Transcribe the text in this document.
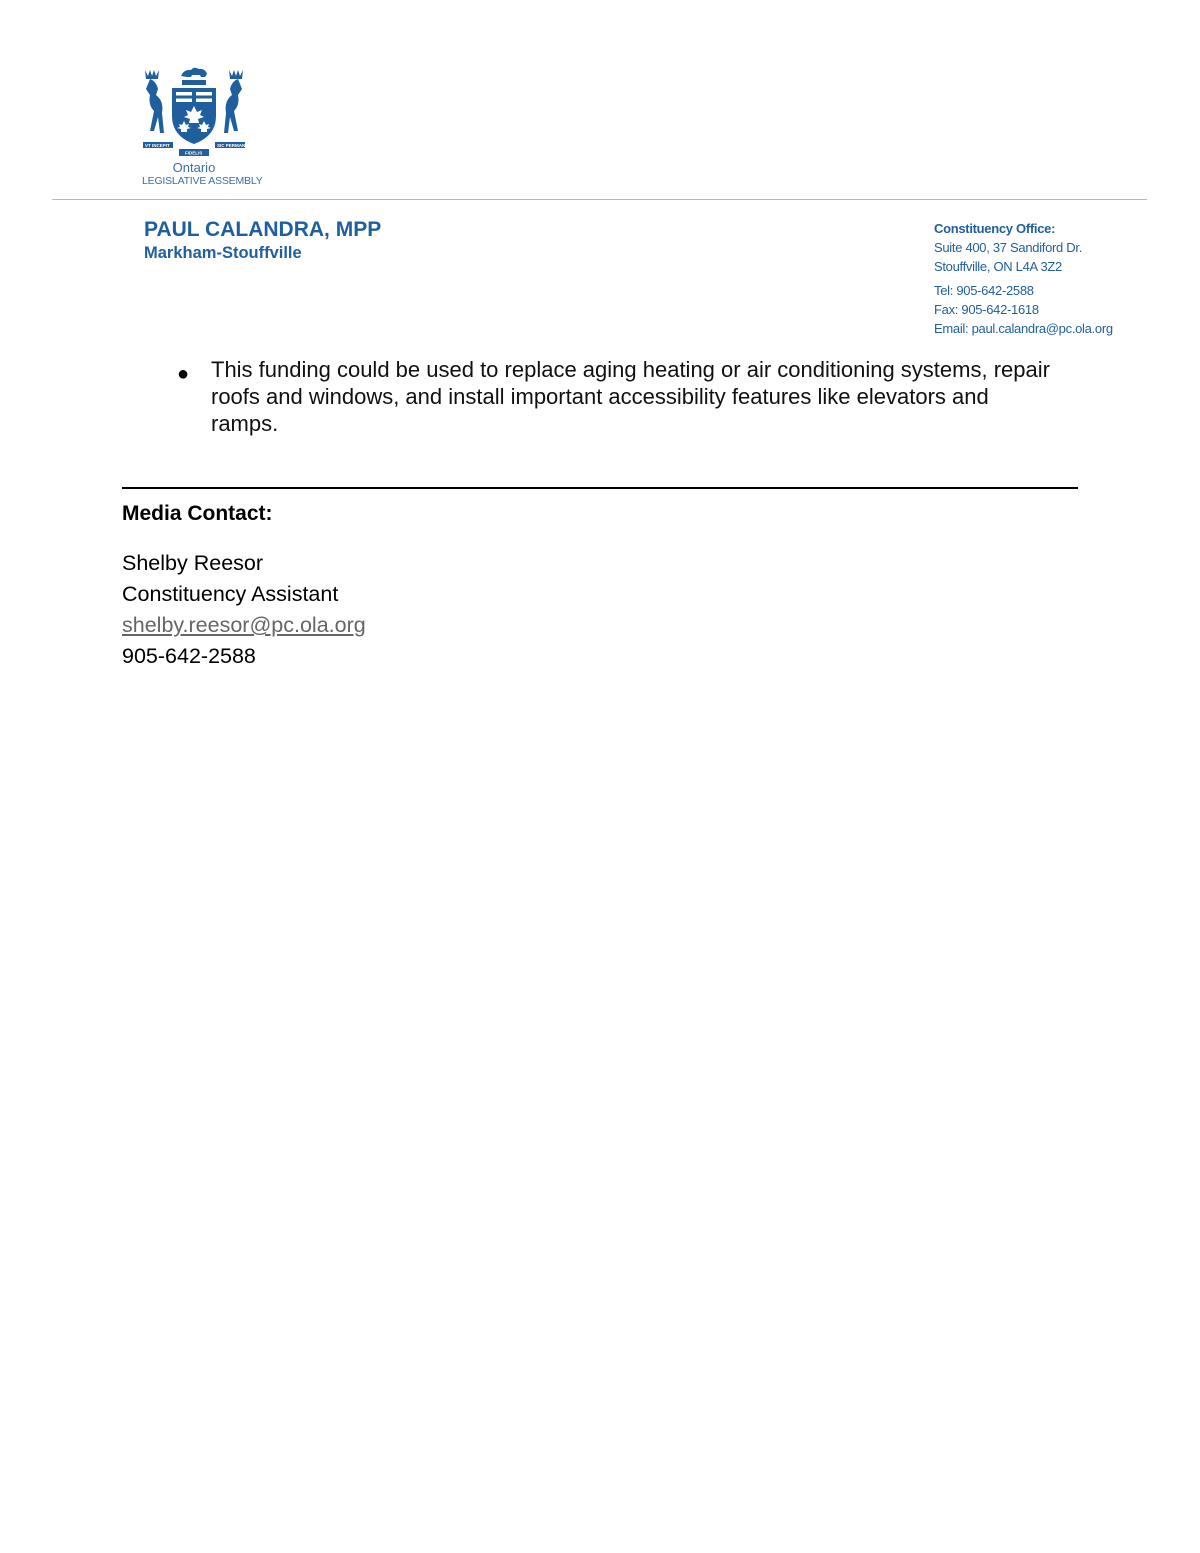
VT INCEPIT	SIC PERMANET
FIDELIS
Ontario
LEGISLATIVE ASSEMBLY
PAUL CALANDRA, MPP
Markham-Stouffville
Constituency Office:
Suite 400, 37 Sandiford Dr.
Stouffville, ON L4A 3Z2
Tel: 905-642-2588
Fax: 905-642-1618
Email: paul.calandra@pc.ola.org
● This funding could be used to replace aging heating or air conditioning systems, repair roofs and windows, and install important accessibility features like elevators and ramps.
Media Contact:
Shelby Reesor
Constituency Assistant
shelby.reesor@pc.ola.org
905-642-2588
